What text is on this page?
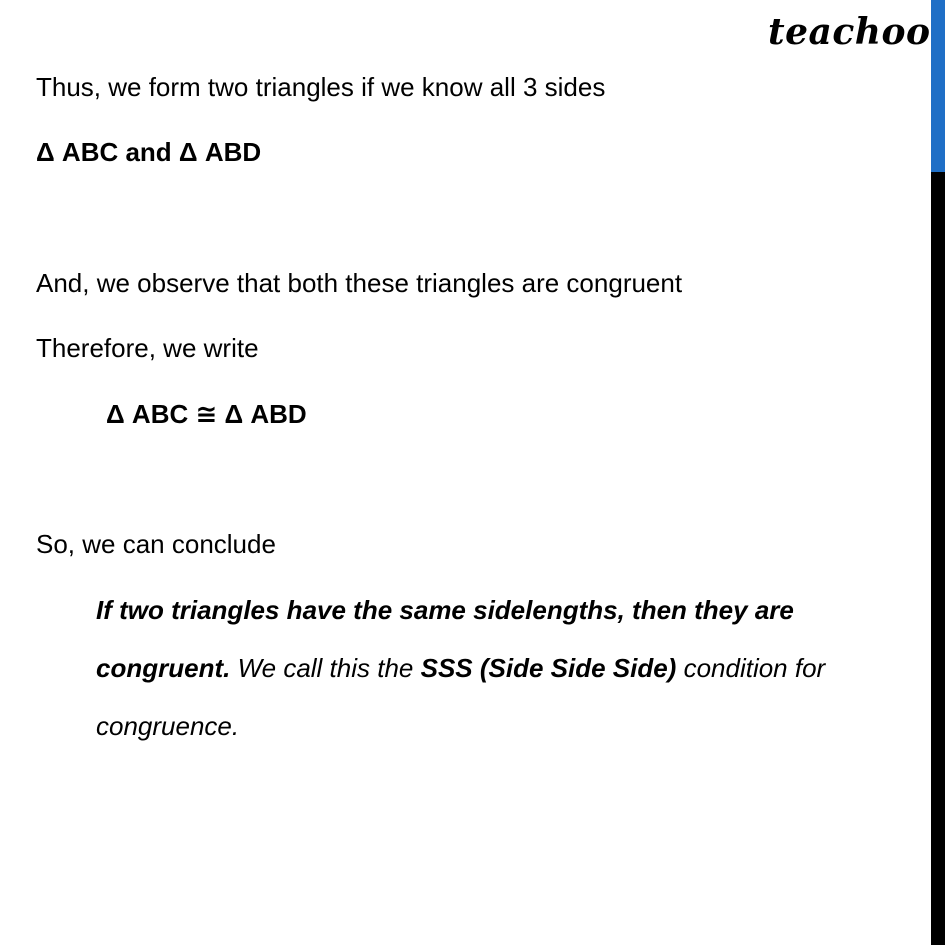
teachoo
Thus, we form two triangles if we know all 3 sides
Δ ABC and Δ ABD
And, we observe that both these triangles are congruent
Therefore, we write
Δ ABC ≅ Δ ABD
So, we can conclude
If two triangles have the same sidelengths, then they are congruent. We call this the SSS (Side Side Side) condition for congruence.
